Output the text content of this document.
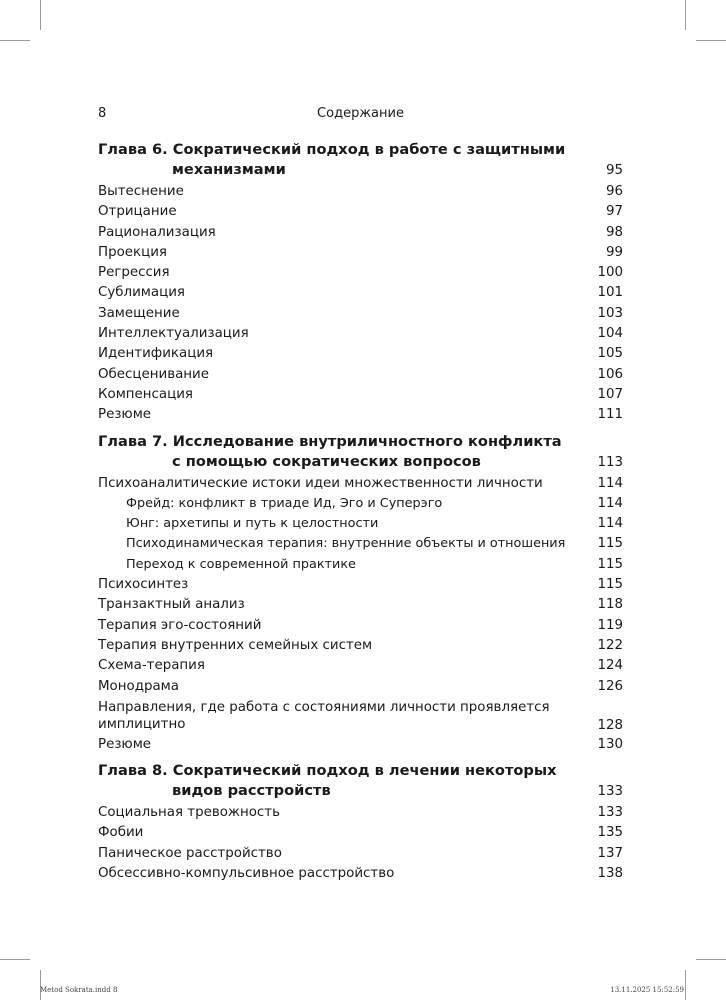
8	Содержание
Глава 6. Сократический подход в работе с защитными
механизмами	95
Вытеснение	96
Отрицание	97
Рационализация	98
Проекция	99
Регрессия	100
Сублимация	101
Замещение	103
Интеллектуализация	104
Идентификация	105
Обесценивание	106
Компенсация	107
Резюме	111
Глава 7. Исследование внутриличностного конфликта
с помощью сократических вопросов	113
Психоаналитические истоки идеи множественности личности	114
Фрейд: конфликт в триаде Ид, Эго и Суперэго	114
Юнг: архетипы и путь к целостности	114
Психодинамическая терапия: внутренние объекты и отношения 115
Переход к современной практике	115
Психосинтез	115
Транзактный анализ	118
Терапия эго-состояний	119
Терапия внутренних семейных систем	122
Схема-терапия	124
Монодрама	126
Направления, где работа с состояниями личности проявляется имплицитно	128
Резюме	130
Глава 8. Сократический подход в лечении некоторых
видов расстройств	133
Социальная тревожность	133
Фобии	135
Паническое расстройство	137
Обсессивно-компульсивное расстройство	138
Metod Sokrata.indd 8	13.11.2025 15:52:59
